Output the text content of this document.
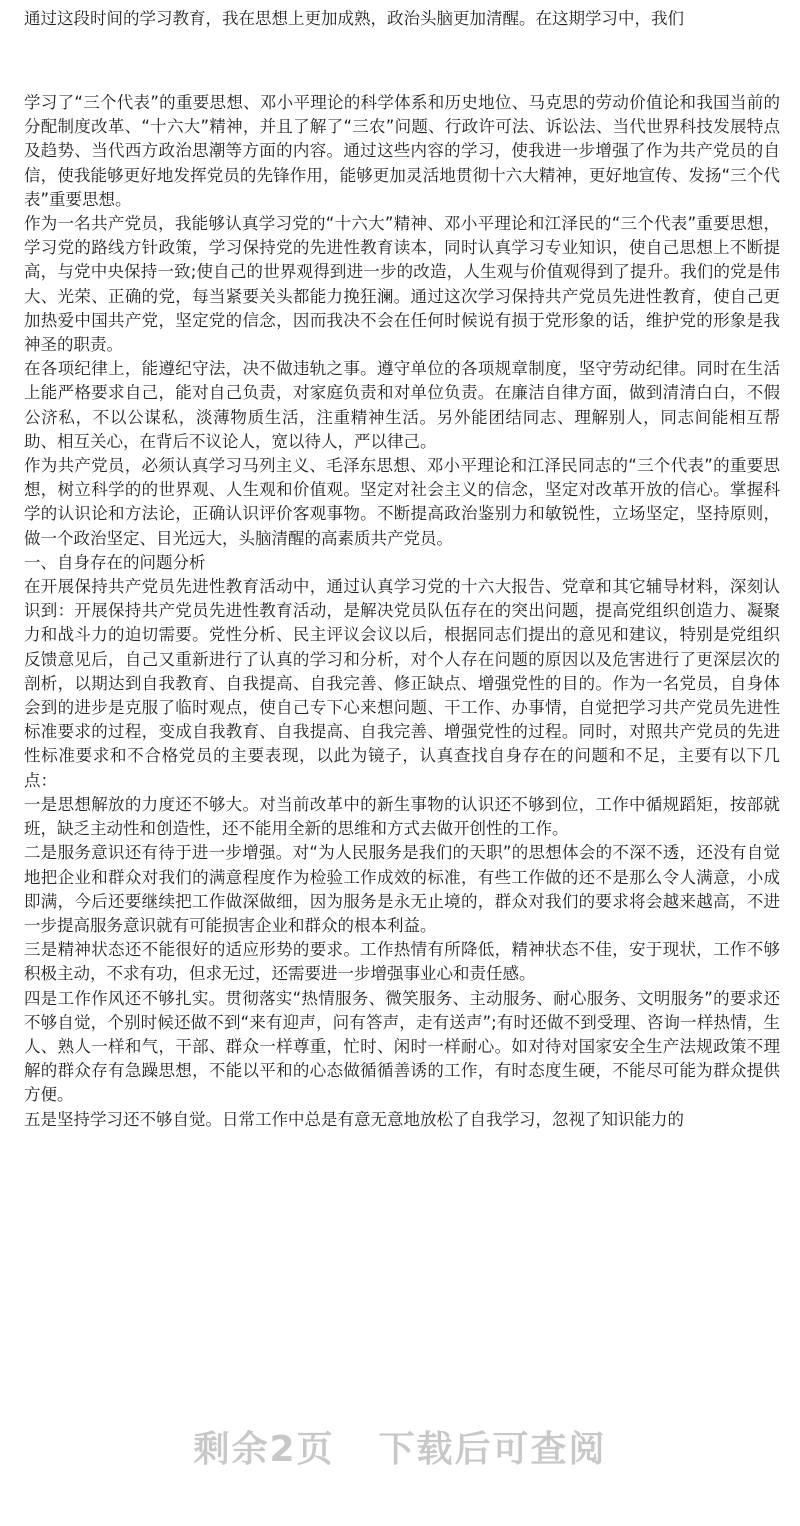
通过这段时间的学习教育，我在思想上更加成熟，政治头脑更加清醒。在这期学习中，我们

学习了“三个代表”的重要思想、邓小平理论的科学体系和历史地位、马克思的劳动价值论和我国当前的分配制度改革、“十六大”精神，并且了解了“三农”问题、行政许可法、诉讼法、当代世界科技发展特点及趋势、当代西方政治思潮等方面的内容。通过这些内容的学习，使我进一步增强了作为共产党员的自信，使我能够更好地发挥党员的先锋作用，能够更加灵活地贯彻十六大精神，更好地宣传、发扬“三个代表”重要思想。

作为一名共产党员，我能够认真学习党的“十六大”精神、邓小平理论和江泽民的“三个代表”重要思想，学习党的路线方针政策，学习保持党的先进性教育读本，同时认真学习专业知识，使自己思想上不断提高，与党中央保持一致;使自己的世界观得到进一步的改造，人生观与价值观得到了提升。我们的党是伟大、光荣、正确的党，每当紧要关头都能力挽狂澜。通过这次学习保持共产党员先进性教育，使自己更加热爱中国共产党，坚定党的信念，因而我决不会在任何时候说有损于党形象的话，维护党的形象是我神圣的职责。

在各项纪律上，能遵纪守法，决不做违轨之事。遵守单位的各项规章制度，坚守劳动纪律。同时在生活上能严格要求自己，能对自己负责，对家庭负责和对单位负责。在廉洁自律方面，做到清清白白，不假公济私，不以公谋私，淡薄物质生活，注重精神生活。另外能团结同志、理解别人，同志间能相互帮助、相互关心，在背后不议论人，宽以待人，严以律己。

作为共产党员，必须认真学习马列主义、毛泽东思想、邓小平理论和江泽民同志的“三个代表”的重要思想，树立科学的的世界观、人生观和价值观。坚定对社会主义的信念，坚定对改革开放的信心。掌握科学的认识论和方法论，正确认识评价客观事物。不断提高政治鉴别力和敏锐性，立场坚定，坚持原则，做一个政治坚定、目光远大，头脑清醒的高素质共产党员。

一、自身存在的问题分析

在开展保持共产党员先进性教育活动中，通过认真学习党的十六大报告、党章和其它辅导材料，深刻认识到：开展保持共产党员先进性教育活动，是解决党员队伍存在的突出问题，提高党组织创造力、凝聚力和战斗力的迫切需要。党性分析、民主评议会议以后，根据同志们提出的意见和建议，特别是党组织反馈意见后，自己又重新进行了认真的学习和分析，对个人存在问题的原因以及危害进行了更深层次的剖析，以期达到自我教育、自我提高、自我完善、修正缺点、增强党性的目的。作为一名党员，自身体会到的进步是克服了临时观点，使自己专下心来想问题、干工作、办事情，自觉把学习共产党员先进性标准要求的过程，变成自我教育、自我提高、自我完善、增强党性的过程。同时，对照共产党员的先进性标准要求和不合格党员的主要表现，以此为镜子，认真查找自身存在的问题和不足，主要有以下几点：

一是思想解放的力度还不够大。对当前改革中的新生事物的认识还不够到位，工作中循规蹈矩，按部就班，缺乏主动性和创造性，还不能用全新的思维和方式去做开创性的工作。

二是服务意识还有待于进一步增强。对“为人民服务是我们的天职”的思想体会的不深不透，还没有自觉地把企业和群众对我们的满意程度作为检验工作成效的标准，有些工作做的还不是那么令人满意，小成即满，今后还要继续把工作做深做细，因为服务是永无止境的，群众对我们的要求将会越来越高，不进一步提高服务意识就有可能损害企业和群众的根本利益。

三是精神状态还不能很好的适应形势的要求。工作热情有所降低，精神状态不佳，安于现状，工作不够积极主动，不求有功，但求无过，还需要进一步增强事业心和责任感。

四是工作作风还不够扎实。贯彻落实“热情服务、微笑服务、主动服务、耐心服务、文明服务”的要求还不够自觉，个别时候还做不到“来有迎声，问有答声，走有送声”;有时还做不到受理、咨询一样热情，生人、熟人一样和气，干部、群众一样尊重，忙时、闲时一样耐心。如对待对国家安全生产法规政策不理解的群众存有急躁思想，不能以平和的心态做循循善诱的工作，有时态度生硬，不能尽可能为群众提供方便。

五是坚持学习还不够自觉。日常工作中总是有意无意地放松了自我学习，忽视了知识能力的

剩余2页 下载后可查阅
